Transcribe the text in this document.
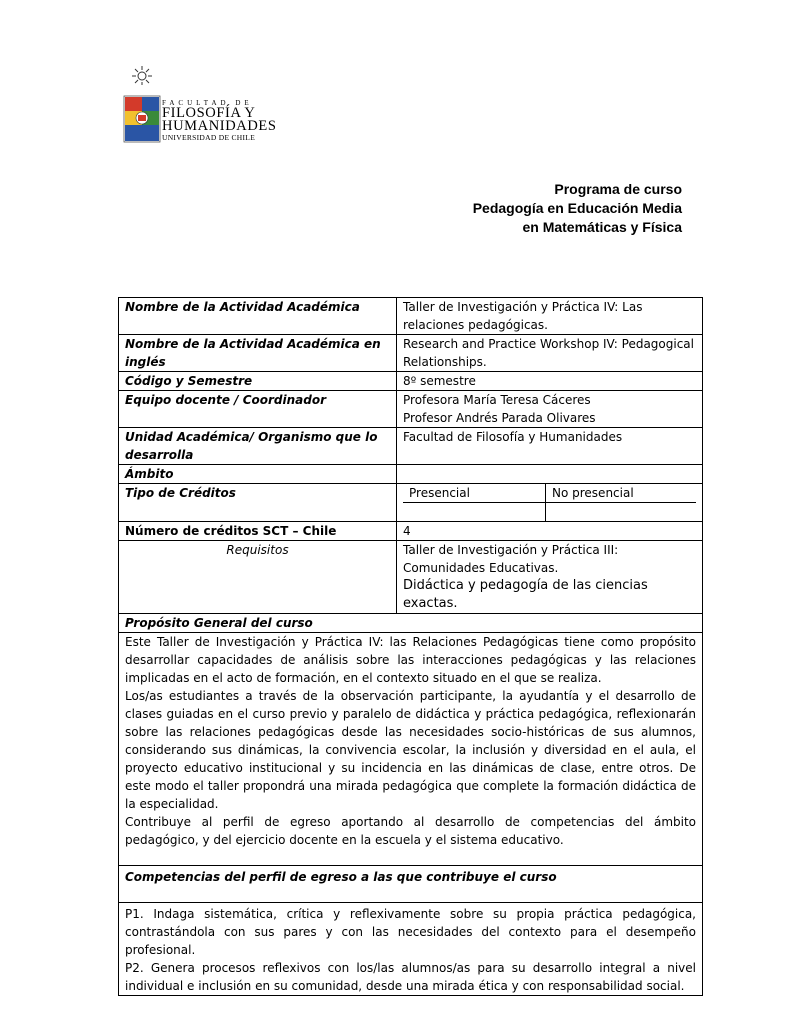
FACULTAD DE
FILOSOFÍA Y
HUMANIDADES
UNIVERSIDAD DE CHILE
Programa de curso
Pedagogía en Educación Media
en Matemáticas y Física
Nombre de la Actividad Académica	Taller de Investigación y Práctica IV: Las relaciones pedagógicas.
Nombre de la Actividad Académica en inglés	Research and Practice Workshop IV: Pedagogical Relationships.
Código y Semestre	8º semestre
Equipo docente / Coordinador	Profesora María Teresa Cáceres
Profesor Andrés Parada Olivares

Unidad Académica/ Organismo que lo desarrolla	Facultad de Filosofía y Humanidades
Ámbito	
Tipo de Créditos	Presencial No presencial

Número de créditos SCT – Chile	4
Requisitos	Taller de Investigación y Práctica III: Comunidades Educativas.
Didáctica y pedagogía de las ciencias exactas.

Propósito General del curso	

Este Taller de Investigación y Práctica IV: las Relaciones Pedagógicas tiene como propósito desarrollar capacidades de análisis sobre las interacciones pedagógicas y las relaciones implicadas en el acto de formación, en el contexto situado en el que se realiza.

Los/as estudiantes a través de la observación participante, la ayudantía y el desarrollo de clases guiadas en el curso previo y paralelo de didáctica y práctica pedagógica, reflexionarán sobre las relaciones pedagógicas desde las necesidades socio-históricas de sus alumnos, considerando sus dinámicas, la convivencia escolar, la inclusión y diversidad en el aula, el proyecto educativo institucional y su incidencia en las dinámicas de clase, entre otros. De este modo el taller propondrá una mirada pedagógica que complete la formación didáctica de la especialidad.

Contribuye al perfil de egreso aportando al desarrollo de competencias del ámbito pedagógico, y del ejercicio docente en la escuela y el sistema educativo.	

Competencias del perfil de egreso a las que contribuye el curso	

P1. Indaga sistemática, crítica y reflexivamente sobre su propia práctica pedagógica, contrastándola con sus pares y con las necesidades del contexto para el desempeño profesional.

P2. Genera procesos reflexivos con los/las alumnos/as para su desarrollo integral a nivel individual e inclusión en su comunidad, desde una mirada ética y con responsabilidad social.	
